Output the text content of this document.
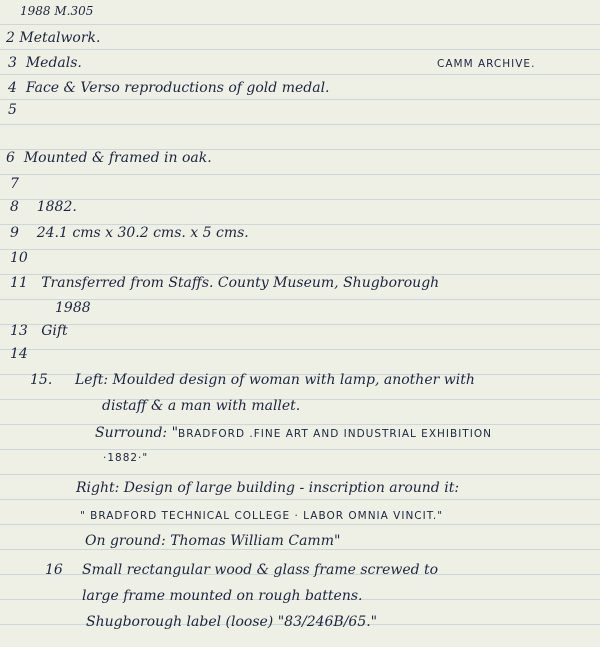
1988 M.305
CAMM ARCHIVE.
2 Metalwork.
3 Medals.
4 Face & Verso reproductions of gold medal.
5
6 Mounted & framed in oak.
7
8 1882.
9 24.1 cms x 30.2 cms. x 5 cms.
10
11 Transferred from Staffs. County Museum, Shugborough
1988
13 Gift
14
15. Left: Moulded design of woman with lamp, another with
distaff & a man with mallet.
Surround: "BRADFORD .FINE ART AND INDUSTRIAL EXHIBITION
·1882·"
Right: Design of large building - inscription around it:
" BRADFORD TECHNICAL COLLEGE · LABOR OMNIA VINCIT."
On ground: Thomas William Camm"
16 Small rectangular wood & glass frame screwed to
large frame mounted on rough battens.
Shugborough label (loose) "83/246B/65."
